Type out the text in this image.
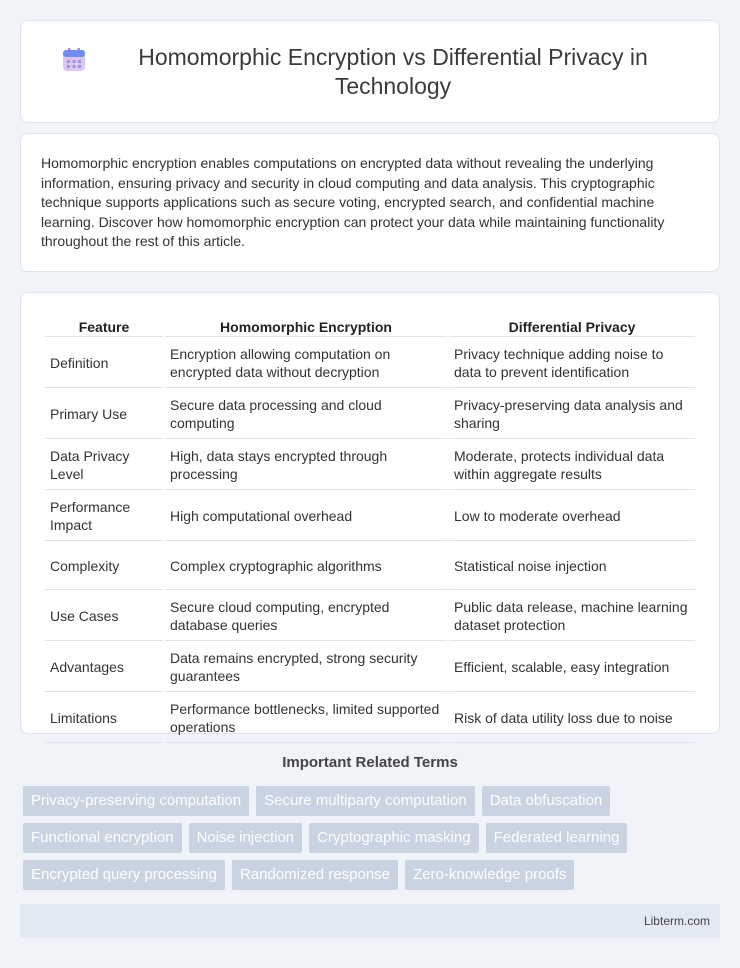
Homomorphic Encryption vs Differential Privacy in Technology

Homomorphic encryption enables computations on encrypted data without revealing the underlying information, ensuring privacy and security in cloud computing and data analysis. This cryptographic technique supports applications such as secure voting, encrypted search, and confidential machine learning. Discover how homomorphic encryption can protect your data while maintaining functionality throughout the rest of this article.

Feature	Homomorphic Encryption	Differential Privacy
Definition	Encryption allowing computation on encrypted data without decryption	Privacy technique adding noise to data to prevent identification
Primary Use	Secure data processing and cloud computing	Privacy-preserving data analysis and sharing
Data Privacy Level	High, data stays encrypted through processing	Moderate, protects individual data within aggregate results
Performance Impact	High computational overhead	Low to moderate overhead
Complexity	Complex cryptographic algorithms	Statistical noise injection
Use Cases	Secure cloud computing, encrypted database queries	Public data release, machine learning dataset protection
Advantages	Data remains encrypted, strong security guarantees	Efficient, scalable, easy integration
Limitations	Performance bottlenecks, limited supported operations	Risk of data utility loss due to noise
Important Related Terms
Privacy-preserving computation	Secure multiparty computation	Data obfuscation
Functional encryption	Noise injection	Cryptographic masking	Federated learning
Encrypted query processing	Randomized response	Zero-knowledge proofs
Libterm.com
